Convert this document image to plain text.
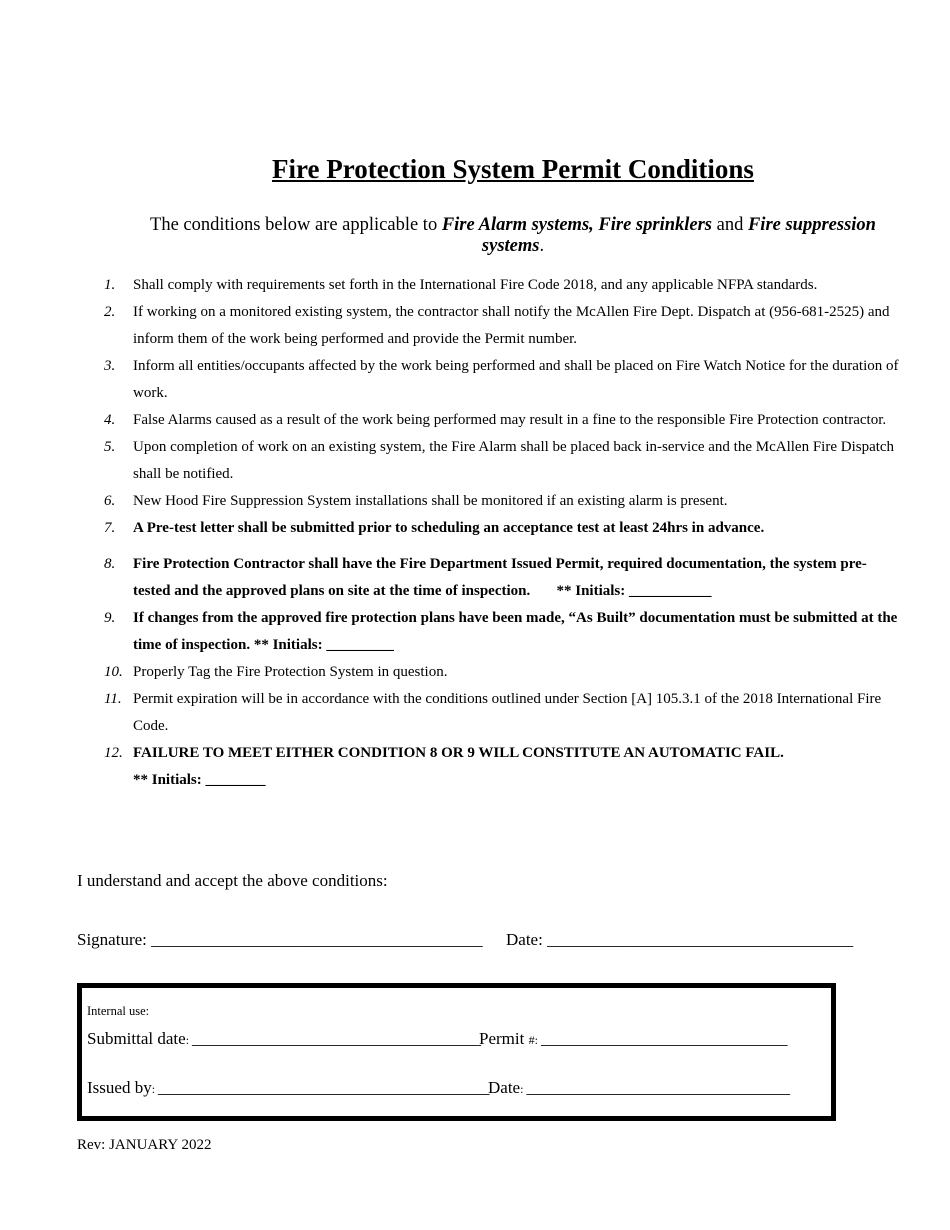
Fire Protection System Permit Conditions
The conditions below are applicable to Fire Alarm systems, Fire sprinklers and Fire suppression systems.
1. Shall comply with requirements set forth in the International Fire Code 2018, and any applicable NFPA standards.
2. If working on a monitored existing system, the contractor shall notify the McAllen Fire Dept. Dispatch at (956-681-2525) and inform them of the work being performed and provide the Permit number.
3. Inform all entities/occupants affected by the work being performed and shall be placed on Fire Watch Notice for the duration of work.
4. False Alarms caused as a result of the work being performed may result in a fine to the responsible Fire Protection contractor.
5. Upon completion of work on an existing system, the Fire Alarm shall be placed back in-service and the McAllen Fire Dispatch shall be notified.
6. New Hood Fire Suppression System installations shall be monitored if an existing alarm is present.
7. A Pre-test letter shall be submitted prior to scheduling an acceptance test at least 24hrs in advance.
8. Fire Protection Contractor shall have the Fire Department Issued Permit, required documentation, the system pre-tested and the approved plans on site at the time of inspection. ** Initials: ___________
9. If changes from the approved fire protection plans have been made, “As Built” documentation must be submitted at the time of inspection. ** Initials: _________
10. Properly Tag the Fire Protection System in question.
11. Permit expiration will be in accordance with the conditions outlined under Section [A] 105.3.1 of the 2018 International Fire Code.
12. FAILURE TO MEET EITHER CONDITION 8 OR 9 WILL CONSTITUTE AN AUTOMATIC FAIL.
** Initials: ________
I understand and accept the above conditions:
Signature: _______________________________________ Date: ____________________________________
Internal use:
Submittal date: __________________________________
Permit #: _____________________________
Issued by: _______________________________________
Date: _______________________________
Rev: JANUARY 2022
